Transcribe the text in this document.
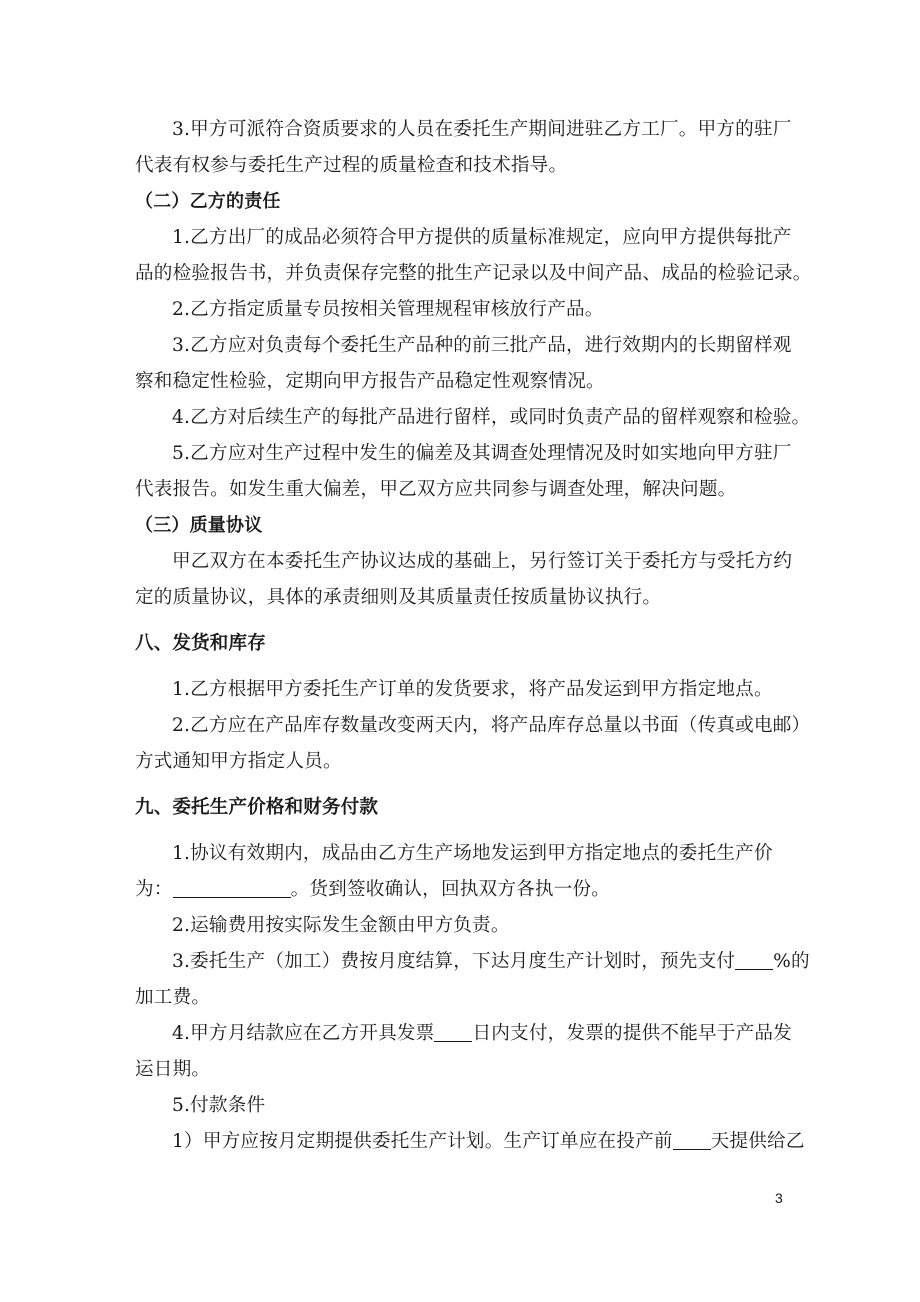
3.甲方可派符合资质要求的人员在委托生产期间进驻乙方工厂。甲方的驻厂
代表有权参与委托生产过程的质量检查和技术指导。
（二）乙方的责任
1.乙方出厂的成品必须符合甲方提供的质量标准规定，应向甲方提供每批产
品的检验报告书，并负责保存完整的批生产记录以及中间产品、成品的检验记录。
2.乙方指定质量专员按相关管理规程审核放行产品。
3.乙方应对负责每个委托生产品种的前三批产品，进行效期内的长期留样观
察和稳定性检验，定期向甲方报告产品稳定性观察情况。
4.乙方对后续生产的每批产品进行留样，或同时负责产品的留样观察和检验。
5.乙方应对生产过程中发生的偏差及其调查处理情况及时如实地向甲方驻厂
代表报告。如发生重大偏差，甲乙双方应共同参与调查处理，解决问题。
（三）质量协议
甲乙双方在本委托生产协议达成的基础上，另行签订关于委托方与受托方约
定的质量协议，具体的承责细则及其质量责任按质量协议执行。
八、发货和库存
1.乙方根据甲方委托生产订单的发货要求，将产品发运到甲方指定地点。
2.乙方应在产品库存数量改变两天内，将产品库存总量以书面（传真或电邮）
方式通知甲方指定人员。
九、委托生产价格和财务付款
1.协议有效期内，成品由乙方生产场地发运到甲方指定地点的委托生产价
为：	。货到签收确认，回执双方各执一份。
2.运输费用按实际发生金额由甲方负责。
3.委托生产（加工）费按月度结算，下达月度生产计划时，预先支付 %的
加工费。
4.甲方月结款应在乙方开具发票 日内支付，发票的提供不能早于产品发
运日期。
5.付款条件
1）甲方应按月定期提供委托生产计划。生产订单应在投产前 天提供给乙
3
